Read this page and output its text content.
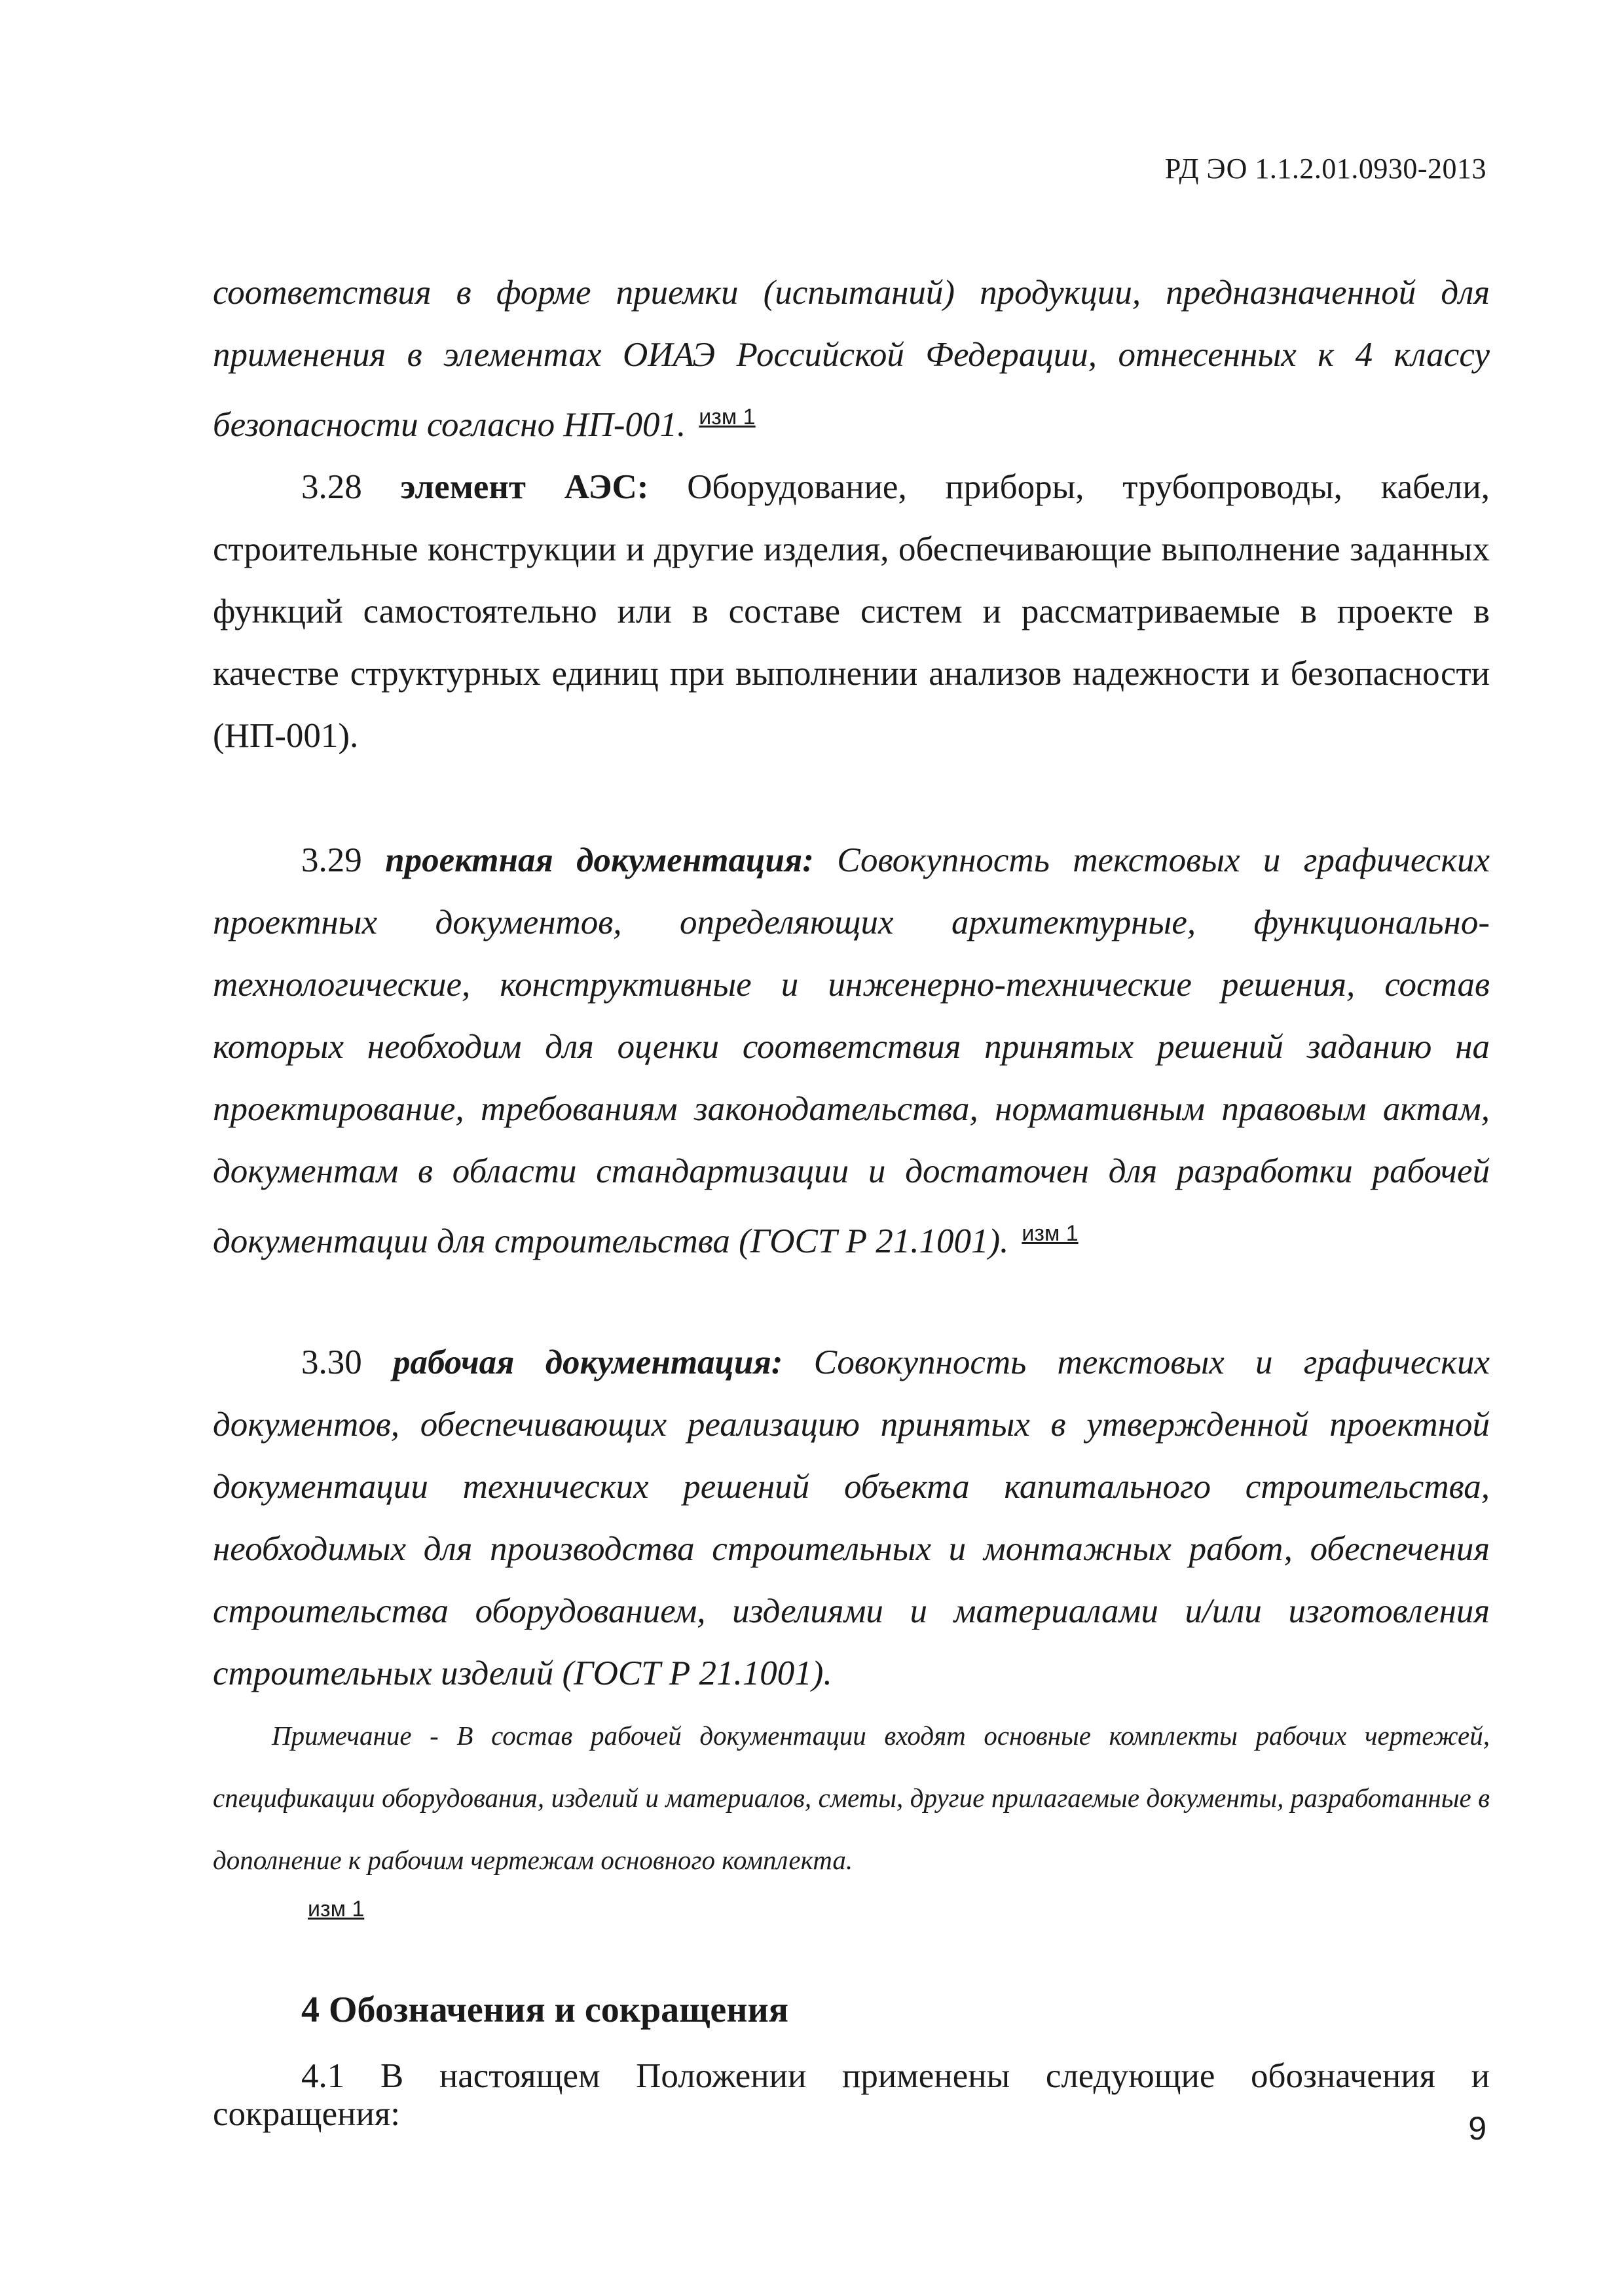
РД ЭО 1.1.2.01.0930-2013

соответствия в форме приемки (испытаний) продукции, предназначенной для применения в элементах ОИАЭ Российской Федерации, отнесенных к 4 классу безопасности согласно НП-001. $^{изм 1}$

3.28 элемент АЭС: Оборудование, приборы, трубопроводы, кабели, строительные конструкции и другие изделия, обеспечивающие выполнение заданных функций самостоятельно или в составе систем и рассматриваемые в проекте в качестве структурных единиц при выполнении анализов надежности и безопасности (НП-001).

3.29 проектная документация: Совокупность текстовых и графических проектных документов, определяющих архитектурные, функционально-технологические, конструктивные и инженерно-технические решения, состав которых необходим для оценки соответствия принятых решений заданию на проектирование, требованиям законодательства, нормативным правовым актам, документам в области стандартизации и достаточен для разработки рабочей документации для строительства (ГОСТ Р 21.1001). $^{изм 1}$

3.30 рабочая документация: Совокупность текстовых и графических документов, обеспечивающих реализацию принятых в утвержденной проектной документации технических решений объекта капитального строительства, необходимых для производства строительных и монтажных работ, обеспечения строительства оборудованием, изделиями и материалами и/или изготовления строительных изделий (ГОСТ Р 21.1001).

Примечание - В состав рабочей документации входят основные комплекты рабочих чертежей, спецификации оборудования, изделий и материалов, сметы, другие прилагаемые документы, разработанные в дополнение к рабочим чертежам основного комплекта.

изм 1
4 Обозначения и сокращения

4.1 В настоящем Положении применены следующие обозначения и сокращения:	9
